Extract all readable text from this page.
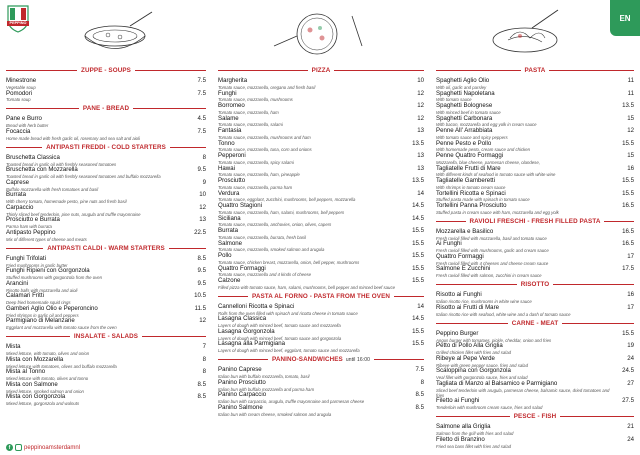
PEPPINO
EN
ZUPPE - SOUPS
Minestrone
Vegetable soup
7.5
Pomodori
Tomato soup
7.5
PANE - BREAD
Pane e Burro
Bread with herb butter
4.5
Focaccia
Home made bread with fresh garlic oil, rosemary and sea salt and aioli
7.5
ANTIPASTI FREDDI - COLD STARTERS
Bruschetta Classica
Toasted bread in garlic oil with freshly seasoned tomatoes
8
Bruschetta con Mozzarella
Toasted bread in garlic oil with freshly seasoned tomatoes and buffalo mozzarella
9.5
Caprese
Buffalo mozzarella with fresh tomatoes and basil
9
Burrata
With cherry tomato, homemade pesto, pine nuts and fresh basil
10
Carpaccio
Thinly sliced beef tenderloin, pine nuts, arugula and truffle mayonnaise
12
Prosciutto e Burrata
Parma ham with burrata
13
Antipasto Peppino
Mix of different types of cheese and meats
22.5
ANTIPASTI CALDI - WARM STARTERS
Funghi Trifolati
Fried mushrooms in garlic butter
8.5
Funghi Ripieni con Gorgonzola
Stuffed mushrooms with gorgonzola from the oven
9.5
Arancini
Risotto balls with mozzarella and aioli
9.5
Calamari Fritti
Deep fried homemade squid rings
10.5
Gamberi Aglio Olio e Peperoncino
Fried shrimps in garlic oil and peppers
11.5
Parmigiano di Melanzane
Eggplant and mozzarella with tomato sauce from the oven
12
INSALATE - SALADS
Mista
Mixed lettuce, with tomato, olives and onion
7
Mista con Mozzarella
Mixed lettuce with tomatoes, olives and buffalo mozzarella
8
Mista al Tonno
Mixed lettuce with tomato, olives and tonno
8
Mista con Salmone
Mixed lettuce, smoked salmon and onion
8.5
Mista con Gorgonzola
Mixed lettuce, gorgonzola and walnuts
8.5
PIZZA
Margherita
Tomato sauce, mozzarella, oregano and fresh basil
10
Funghi
Tomato sauce, mozzarella, mushrooms
12
Borromeo
Tomato sauce, mozzarella, ham
12
Salame
Tomato sauce, mozzarella, salami
12
Fantasia
Tomato sauce, mozzarella, mushrooms and ham
13
Tonno
Tomato sauce, mozzarella, tuna, corn and onions
13.5
Pepperoni
Tomato sauce, mozzarella, spicy salami
13
Hawai
Tomato sauce, mozzarella, ham, pineapple
13
Prosciutto
Tomato sauce, mozzarella, parma ham
13.5
Verdura
Tomato sauce, eggplant, zucchini, mushrooms, bell peppers, mozzarella
14
Quattro Stagioni
Tomato sauce, mozzarella, ham, salami, mushrooms, bell peppers
14.5
Siciliana
Tomato sauce, mozzarella, anchovies, onion, olives, capers
14.5
Burrata
Tomato sauce, mozzarella, burrata, fresh basil
15.5
Salmone
Tomato sauce, mozzarella, smoked salmon and arugula
15.5
Pollo
Tomato sauce, chicken breast, mozzarella, onion, bell pepper, mushrooms
15.5
Quattro Formaggi
Tomato sauce, mozzarella and 4 kinds of cheese
15.5
Calzone
Filled pizza with tomato sauce, ham, salami, mushrooms, bell pepper and minced beef sauce
15.5
PASTA AL FORNO - PASTA FROM THE OVEN
Cannelloni Ricotta e Spinaci
Rolls from the oven filled with spinach and ricotta cheese in tomato sauce
14
Lasagna Classica
Layers of dough with minced beef, tomato sauce and mozzarella
14.5
Lasagna Gorgonzola
Layers of dough with minced beef, tomato sauce and gorgonzola
15.5
Lasagna alla Parmigiana
Layers of dough with minced beef, eggplant, tomato sauce and mozzarella
15.5
PANINO-SANDWICHES until 16:00
Panino Caprese
Italian bun with buffalo mozzarella, tomato, basil
7.5
Panino Prosciutto
Italian bun with buffalo mozzarella and parma ham
8
Panino Carpaccio
Italian bun with carpaccio, arugula, truffle mayonnaise and parmesan cheese
8.5
Panino Salmone
Italian bun with cream cheese, smoked salmon and arugula
8.5
PASTA
Spaghetti Aglio Olio
With oil, garlic and parsley
11
Spaghetti Napoletana
With tomato sauce
11
Spaghetti Bolognese
With minced beef in tomato sauce
13.5
Spaghetti Carbonara
With bacon, mozzarella and egg yolk in cream sauce
15
Penne All' Arrabbiata
With tomato sauce and spicy peppers
12
Penne Pesto e Pollo
With homemade pesto, cream sauce and chicken
15.5
Penne Quattro Formaggi
Mozzarella, blue cheese, parmesan cheese, olandese,
15
Tagliatelle Frutti di Mare
With different kinds of seafood in tomato sauce with white wine
16
Tagliatelle Gamberetti
With shrimps in tomato cream sauce
15.5
Tortellini Ricotta e Spinaci
Stuffed pasta made with spinach in tomato sauce
15.5
Tortellini Panna Prosciutto
Stuffed pasta in cream sauce with ham, mozzarella and egg yolk
16.5
RAVIOLI FRESCHI - FRESH FILLED PASTA
Mozzarella e Basilico
Fresh ravioli filled with mozzarella, basil and tomato sauce
16.5
Ai Funghi
Fresh ravioli filled with mushrooms, garlic and cream sauce
16.5
Quattro Formaggi
Fresh ravioli filled with 4 cheeses and cheese cream sauce
17
Salmone E Zucchini
Fresh ravioli filled with salmon, zucchini in cream sauce
17.5
RISOTTO
Risotto ai Funghi
Italian risotto rice, mushrooms in white wine sauce
16
Risotto ai Frutti di Mare
Italian risotto rice with seafood, white wine and a dash of tomato sauce
17
CARNE - MEAT
Peppino Burger
Angus burger with tomatoes, pickle, cheddar, onion and fries
15.5
Petto di Pollo Alla Griglia
Grilled chicken fillet with fries and salad
19
Ribeye al Pepe Verde
Ribeye with green pepper sauce, fries and salad
24
Scaloppina con Gorgonzola
Veal fillet with gorgonzola sauce, fries and salad
24.5
Tagliata di Manzo al Balsamico e Parmigiano
Sliced beef tenderloin with arugula, parmesan cheese, balsamic sauce, dried tomatoes and fries
27
Filetto ai Funghi
Tenderloin with mushroom cream sauce, fries and salad
27.5
PESCE - FISH
Salmone alla Griglia
Salmon from the grill with fries and salad
21
Filetto di Branzino
Fried sea bass fillet with fries and salad
24
f	peppinoamsterdamnl
